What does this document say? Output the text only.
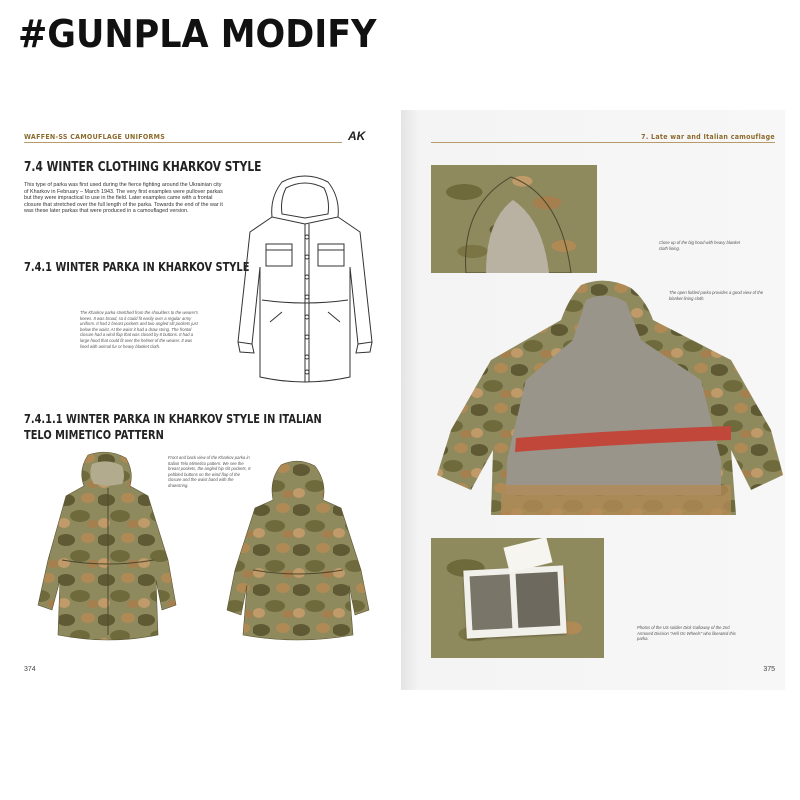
#GUNPLA MODIFY
WAFFEN-SS CAMOUFLAGE UNIFORMS	AK
7.4 WINTER CLOTHING KHARKOV STYLE
This type of parka was first used during the fierce fighting around the Ukrainian city of Kharkov in February – March 1943. The very first examples were pullover parkas but they were impractical to use in the field. Later examples came with a frontal closure that stretched over the full length of the parka. Towards the end of the war it was these later parkas that were produced in a camouflaged version.
7.4.1 WINTER PARKA IN KHARKOV STYLE
The Kharkov parka stretched from the shoulders to the wearer's knees. It was broad, so it could fit easily over a regular army uniform. It had 2 breast pockets and two angled slit pockets just below the waist. At the waist it had a draw string. The frontal closure had a wind flap that was closed by 8 buttons. It had a large hood that could fit over the helmet of the wearer. It was lined with animal fur or heavy blanket cloth.
7.4.1.1 WINTER PARKA IN KHARKOV STYLE IN ITALIAN
TELO MIMETICO PATTERN
Front and back view of the Kharkov parka in Italian Telo Mimetico pattern. We see the breast pockets, the angled hip slit pockets, 8 pebbled buttons on the wind flap of the closure and the waist band with the drawstring.
374
7. Late war and Italian camouflage
Close up of the big hood with heavy blanket cloth lining.
The open folded parka provides a good view of the blanket lining cloth.
Photos of the US soldier Dick Galloway of the 2nd Armored Division "Hell On Wheels" who liberated this parka.
375
